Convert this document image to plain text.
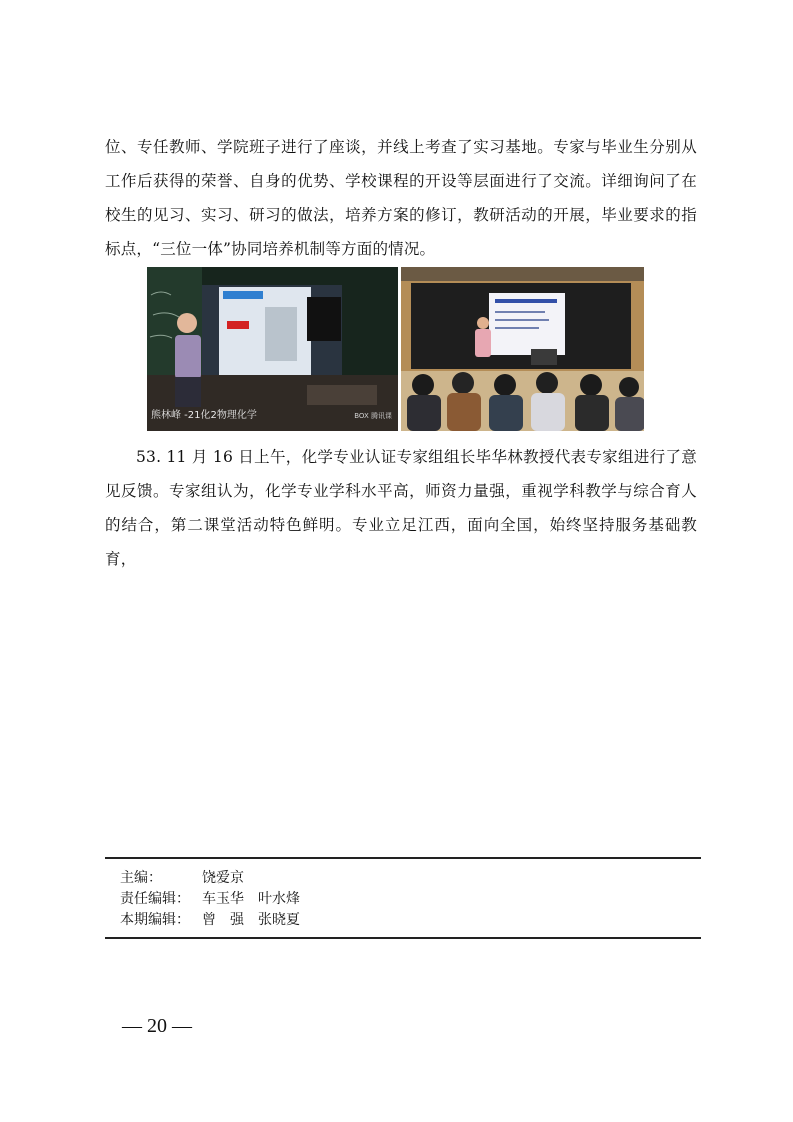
位、专任教师、学院班子进行了座谈，并线上考查了实习基地。专家与毕业生分别从工作后获得的荣誉、自身的优势、学校课程的开设等层面进行了交流。详细询问了在校生的见习、实习、研习的做法，培养方案的修订，教研活动的开展，毕业要求的指标点，“三位一体”协同培养机制等方面的情况。

熊林峰 -21化2物理化学	BOX 腾讯课

53. 11 月 16 日上午，化学专业认证专家组组长毕华林教授代表专家组进行了意见反馈。专家组认为，化学专业学科水平高，师资力量强，重视学科教学与综合育人的结合，第二课堂活动特色鲜明。专业立足江西，面向全国，始终坚持服务基础教育，

主编：	饶爱京
责任编辑： 车玉华　叶水烽
本期编辑： 曾　强　张晓夏
— 20 —
